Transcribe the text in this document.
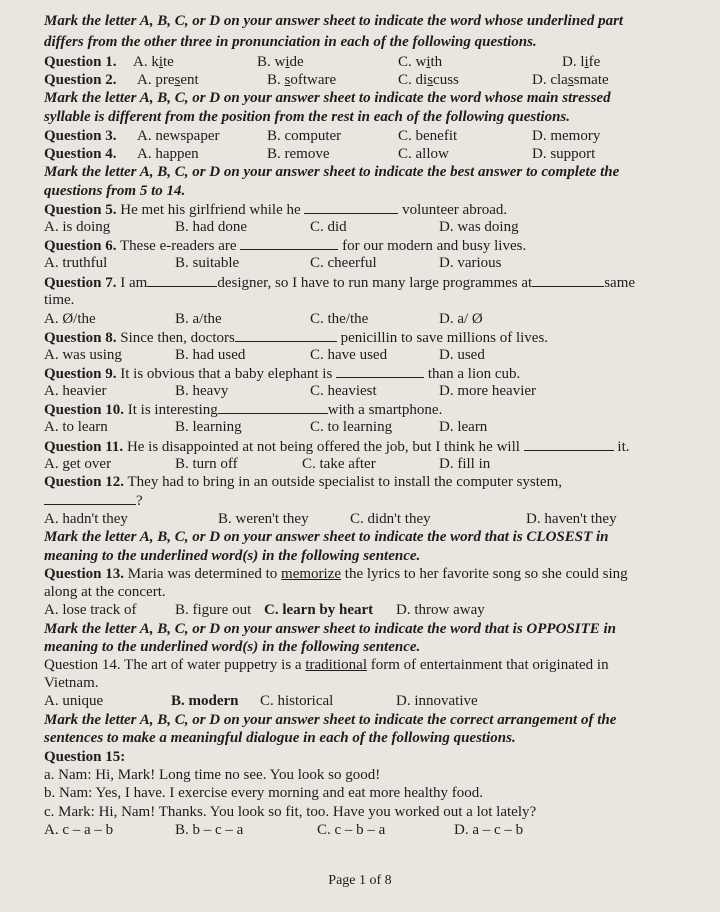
Mark the letter A, B, C, or D on your answer sheet to indicate the word whose underlined part
differs from the other three in pronunciation in each of the following questions.
Question 1. A. kite	B. wide	C. with	D. life
Question 2. A. present	B. software	C. discuss	D. classmate
Mark the letter A, B, C, or D on your answer sheet to indicate the word whose main stressed
syllable is different from the position from the rest in each of the following questions.
Question 3. A. newspaper	B. computer	C. benefit	D. memory
Question 4. A. happen	B. remove	C. allow	D. support
Mark the letter A, B, C, or D on your answer sheet to indicate the best answer to complete the
questions from 5 to 14.
Question 5. He met his girlfriend while he	volunteer abroad.
A. is doing	B. had done	C. did	D. was doing
Question 6. These e-readers are	for our modern and busy lives.
A. truthful	B. suitable	C. cheerful	D. various
Question 7. I am	designer, so I have to run many large programmes at	same
time.
A. Ø/the	B. a/the	C. the/the	D. a/ Ø
Question 8. Since then, doctors	penicillin to save millions of lives.
A. was using	B. had used	C. have used	D. used
Question 9. It is obvious that a baby elephant is	than a lion cub.
A. heavier	B. heavy	C. heaviest	D. more heavier
Question 10. It is interesting	with a smartphone.
A. to learn	B. learning	C. to learning	D. learn
Question 11. He is disappointed at not being offered the job, but I think he will	it.
A. get over	B. turn off	C. take after	D. fill in
Question 12. They had to bring in an outside specialist to install the computer system,
?
A. hadn't they	B. weren't they	C. didn't they	D. haven't they
Mark the letter A, B, C, or D on your answer sheet to indicate the word that is CLOSEST in
meaning to the underlined word(s) in the following sentence.
Question 13. Maria was determined to memorize the lyrics to her favorite song so she could sing
along at the concert.
A. lose track of	B. figure out C. learn by heart D. throw away
Mark the letter A, B, C, or D on your answer sheet to indicate the word that is OPPOSITE in
meaning to the underlined word(s) in the following sentence.
Question 14. The art of water puppetry is a traditional form of entertainment that originated in
Vietnam.
A. unique	B. modern C. historical	D. innovative
Mark the letter A, B, C, or D on your answer sheet to indicate the correct arrangement of the
sentences to make a meaningful dialogue in each of the following questions.
Question 15:
a. Nam: Hi, Mark! Long time no see. You look so good!
b. Nam: Yes, I have. I exercise every morning and eat more healthy food.
c. Mark: Hi, Nam! Thanks. You look so fit, too. Have you worked out a lot lately?
A. c – a – b	B. b – c – a	C. c – b – a	D. a – c – b
Page 1 of 8
